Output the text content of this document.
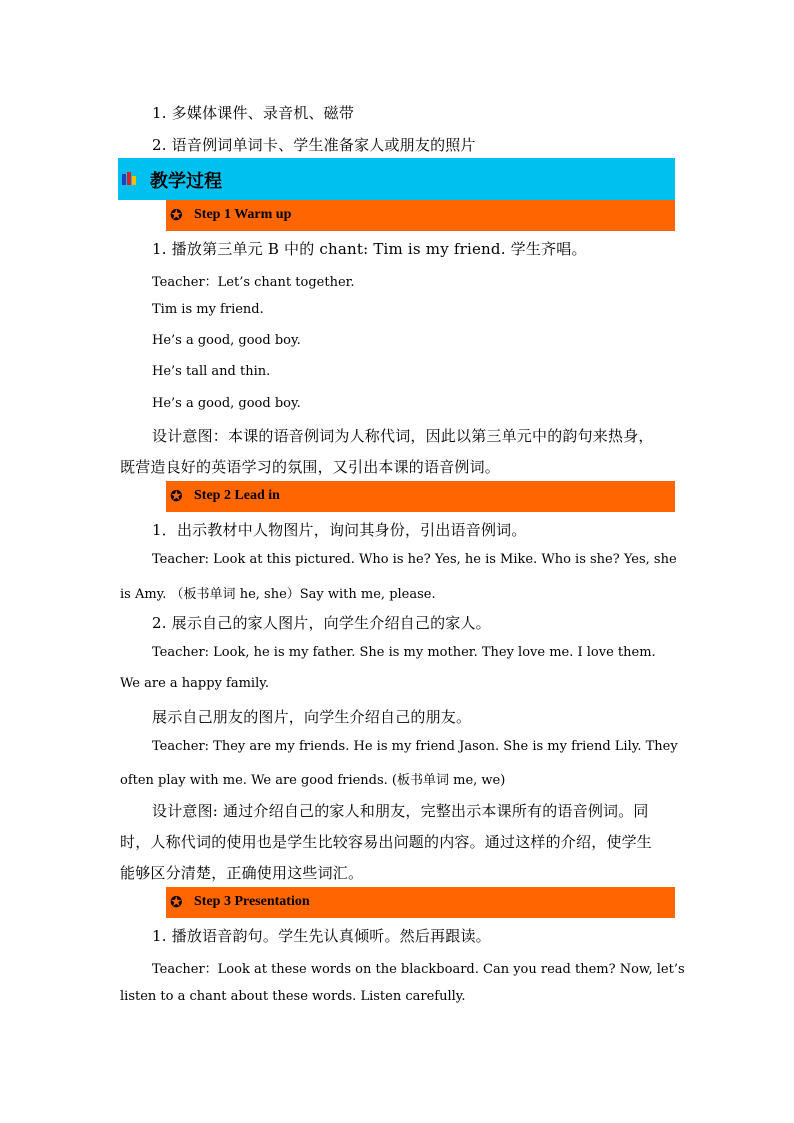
1. 多媒体课件、录音机、磁带
2. 语音例词单词卡、学生准备家人或朋友的照片
教学过程
✪ Step 1 Warm up
1. 播放第三单元 B 中的 chant: Tim is my friend. 学生齐唱。
Teacher：Let’s chant together.
Tim is my friend.
He’s a good, good boy.
He’s tall and thin.
He’s a good, good boy.
设计意图：本课的语音例词为人称代词，因此以第三单元中的韵句来热身，
既营造良好的英语学习的氛围，又引出本课的语音例词。
✪ Step 2 Lead in
1．出示教材中人物图片，询问其身份，引出语音例词。
Teacher: Look at this pictured. Who is he? Yes, he is Mike. Who is she? Yes, she
is Amy. （板书单词 he, she）Say with me, please.
2. 展示自己的家人图片，向学生介绍自己的家人。
Teacher: Look, he is my father. She is my mother. They love me. I love them.
We are a happy family.
展示自己朋友的图片，向学生介绍自己的朋友。
Teacher: They are my friends. He is my friend Jason. She is my friend Lily. They
often play with me. We are good friends. (板书单词 me, we)
设计意图: 通过介绍自己的家人和朋友，完整出示本课所有的语音例词。同
时，人称代词的使用也是学生比较容易出问题的内容。通过这样的介绍，使学生
能够区分清楚，正确使用这些词汇。
✪ Step 3 Presentation
1. 播放语音韵句。学生先认真倾听。然后再跟读。
Teacher：Look at these words on the blackboard. Can you read them? Now, let’s
listen to a chant about these words. Listen carefully.
